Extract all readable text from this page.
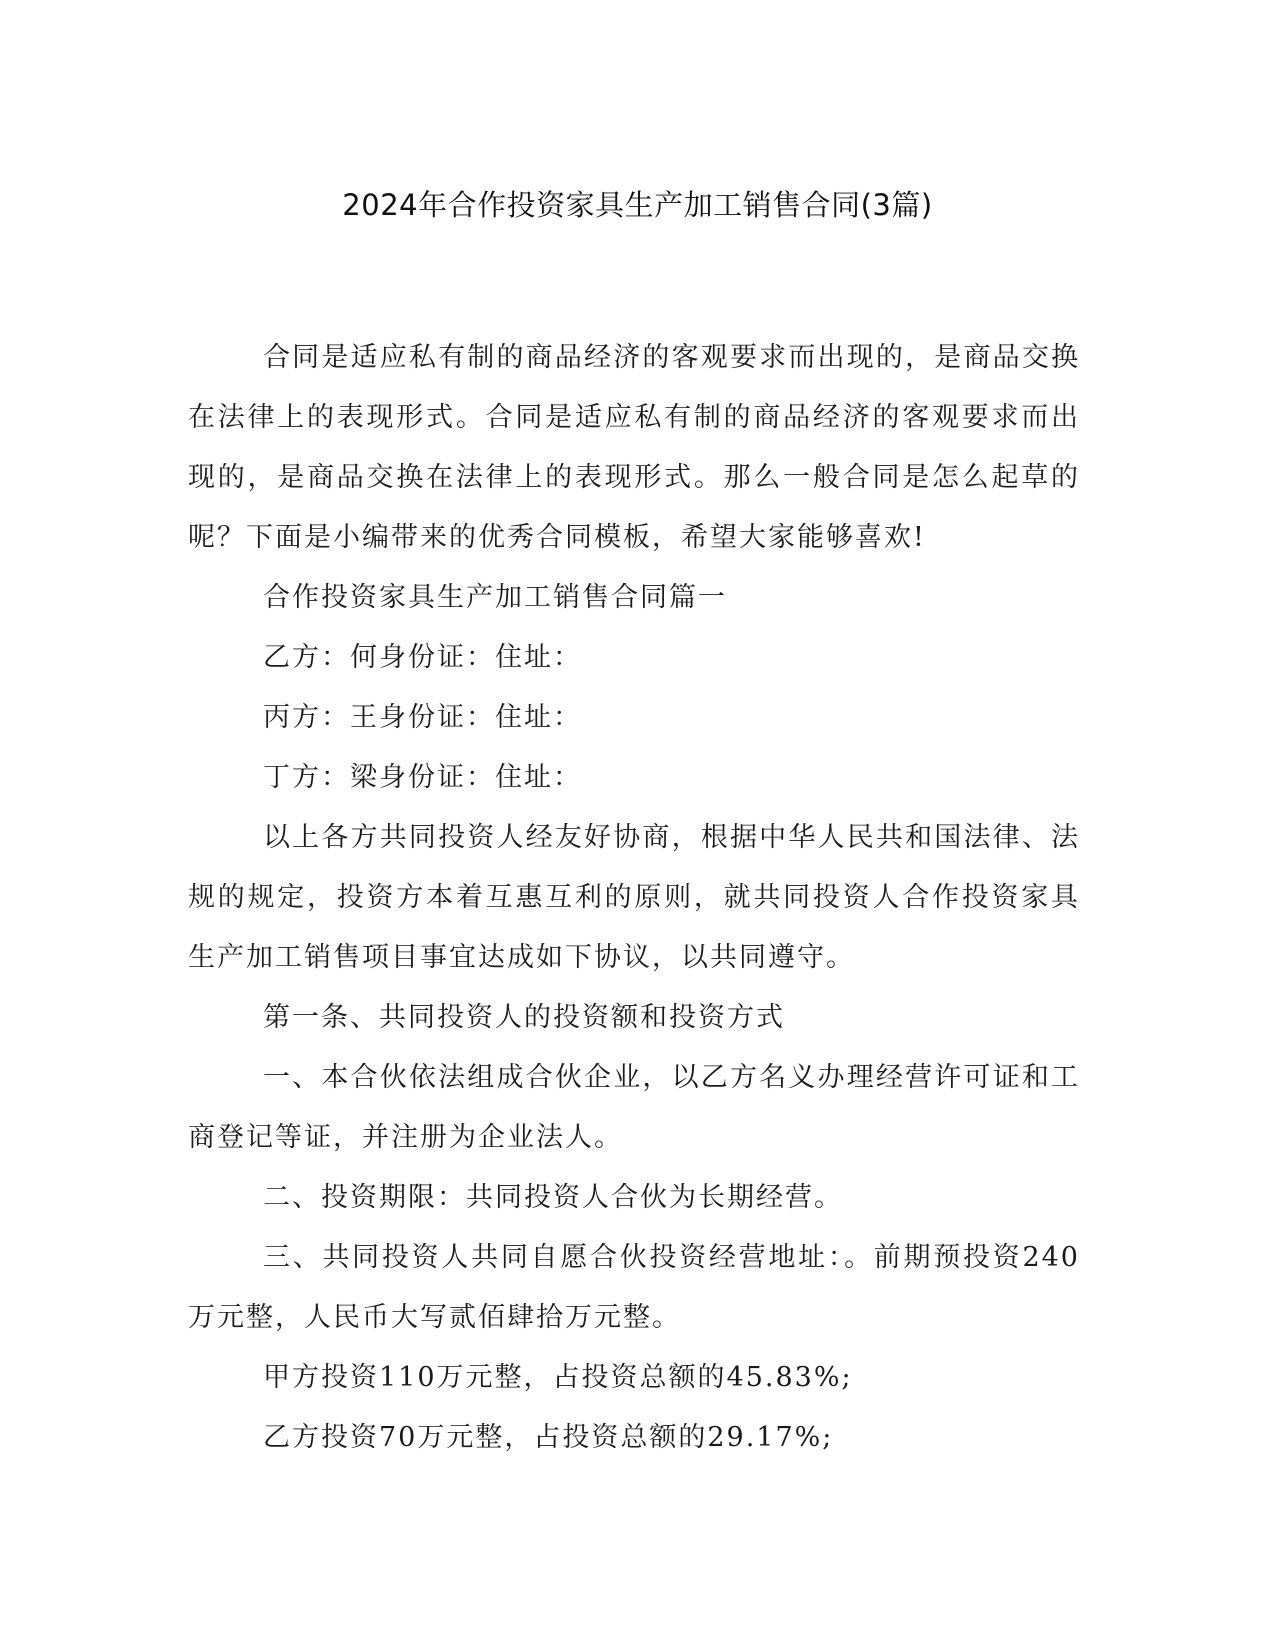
2024年合作投资家具生产加工销售合同(3篇)

合同是适应私有制的商品经济的客观要求而出现的，是商品交换在法律上的表现形式。合同是适应私有制的商品经济的客观要求而出现的，是商品交换在法律上的表现形式。那么一般合同是怎么起草的呢？下面是小编带来的优秀合同模板，希望大家能够喜欢!

合作投资家具生产加工销售合同篇一

乙方：何身份证：住址：

丙方：王身份证：住址：

丁方：梁身份证：住址：

以上各方共同投资人经友好协商，根据中华人民共和国法律、法规的规定，投资方本着互惠互利的原则，就共同投资人合作投资家具生产加工销售项目事宜达成如下协议，以共同遵守。

第一条、共同投资人的投资额和投资方式

一、本合伙依法组成合伙企业，以乙方名义办理经营许可证和工商登记等证，并注册为企业法人。

二、投资期限：共同投资人合伙为长期经营。

三、共同投资人共同自愿合伙投资经营地址：。前期预投资240万元整，人民币大写贰佰肆拾万元整。

甲方投资110万元整，占投资总额的45.83%;

乙方投资70万元整，占投资总额的29.17%;
